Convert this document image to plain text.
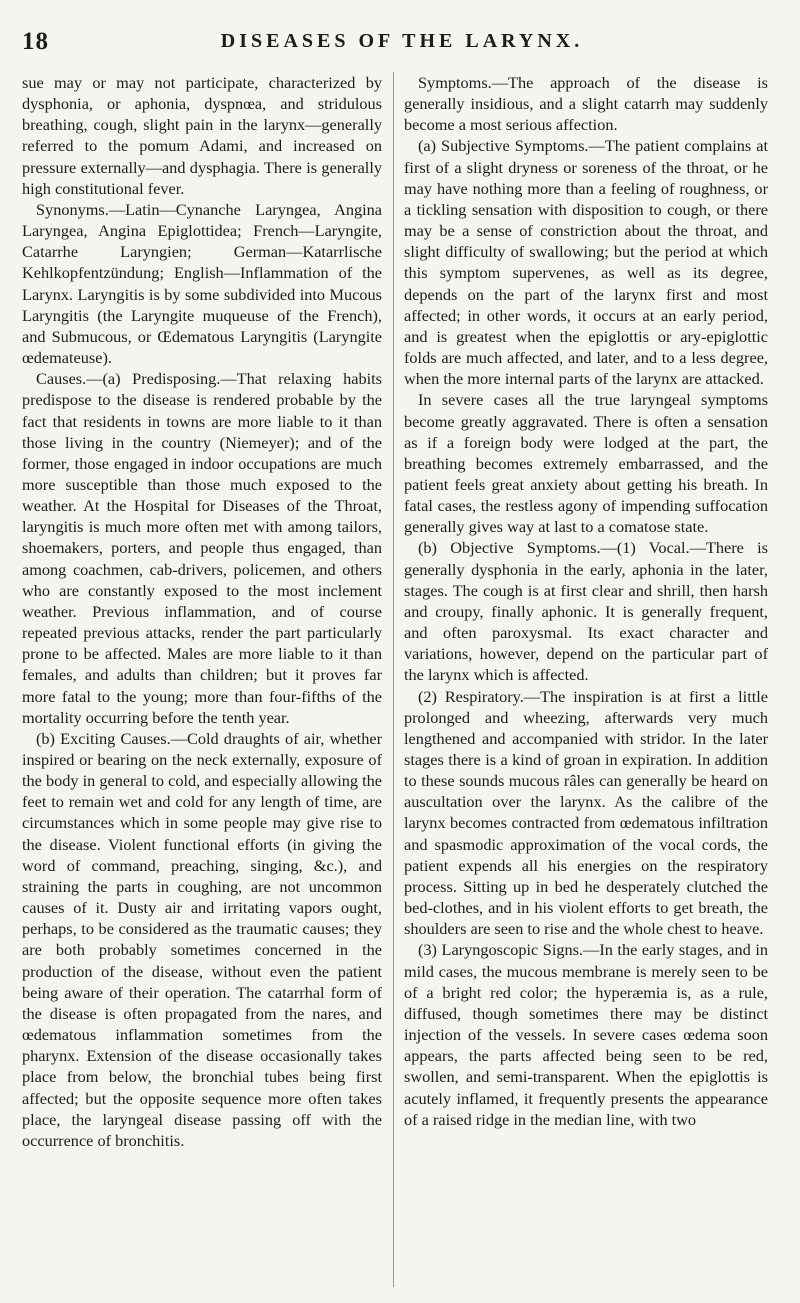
18	DISEASES OF THE LARYNX.

sue may or may not participate, characterized by dysphonia, or aphonia, dyspnœa, and stridulous breathing, cough, slight pain in the larynx—generally referred to the pomum Adami, and increased on pressure externally—and dysphagia. There is generally high constitutional fever.

Synonyms.—Latin—Cynanche Laryngea, Angina Laryngea, Angina Epiglottidea; French—Laryngite, Catarrhe Laryngien; German—Katarrlische Kehlkopfentzündung; English—Inflammation of the Larynx. Laryngitis is by some subdivided into Mucous Laryngitis (the Laryngite muqueuse of the French), and Submucous, or Œdematous Laryngitis (Laryngite œdemateuse).

Causes.—(a) Predisposing.—That relaxing habits predispose to the disease is rendered probable by the fact that residents in towns are more liable to it than those living in the country (Niemeyer); and of the former, those engaged in indoor occupations are much more susceptible than those much exposed to the weather. At the Hospital for Diseases of the Throat, laryngitis is much more often met with among tailors, shoemakers, porters, and people thus engaged, than among coachmen, cab-drivers, policemen, and others who are constantly exposed to the most inclement weather. Previous inflammation, and of course repeated previous attacks, render the part particularly prone to be affected. Males are more liable to it than females, and adults than children; but it proves far more fatal to the young; more than four-fifths of the mortality occurring before the tenth year.

(b) Exciting Causes.—Cold draughts of air, whether inspired or bearing on the neck externally, exposure of the body in general to cold, and especially allowing the feet to remain wet and cold for any length of time, are circumstances which in some people may give rise to the disease. Violent functional efforts (in giving the word of command, preaching, singing, &c.), and straining the parts in coughing, are not uncommon causes of it. Dusty air and irritating vapors ought, perhaps, to be considered as the traumatic causes; they are both probably sometimes concerned in the production of the disease, without even the patient being aware of their operation. The catarrhal form of the disease is often propagated from the nares, and œdematous inflammation sometimes from the pharynx. Extension of the disease occasionally takes place from below, the bronchial tubes being first affected; but the opposite sequence more often takes place, the laryngeal disease passing off with the occurrence of bronchitis.

Symptoms.—The approach of the disease is generally insidious, and a slight catarrh may suddenly become a most serious affection.

(a) Subjective Symptoms.—The patient complains at first of a slight dryness or soreness of the throat, or he may have nothing more than a feeling of roughness, or a tickling sensation with disposition to cough, or there may be a sense of constriction about the throat, and slight difficulty of swallowing; but the period at which this symptom supervenes, as well as its degree, depends on the part of the larynx first and most affected; in other words, it occurs at an early period, and is greatest when the epiglottis or ary-epiglottic folds are much affected, and later, and to a less degree, when the more internal parts of the larynx are attacked.

In severe cases all the true laryngeal symptoms become greatly aggravated. There is often a sensation as if a foreign body were lodged at the part, the breathing becomes extremely embarrassed, and the patient feels great anxiety about getting his breath. In fatal cases, the restless agony of impending suffocation generally gives way at last to a comatose state.

(b) Objective Symptoms.—(1) Vocal.—There is generally dysphonia in the early, aphonia in the later, stages. The cough is at first clear and shrill, then harsh and croupy, finally aphonic. It is generally frequent, and often paroxysmal. Its exact character and variations, however, depend on the particular part of the larynx which is affected.

(2) Respiratory.—The inspiration is at first a little prolonged and wheezing, afterwards very much lengthened and accompanied with stridor. In the later stages there is a kind of groan in expiration. In addition to these sounds mucous râles can generally be heard on auscultation over the larynx. As the calibre of the larynx becomes contracted from œdematous infiltration and spasmodic approximation of the vocal cords, the patient expends all his energies on the respiratory process. Sitting up in bed he desperately clutched the bed-clothes, and in his violent efforts to get breath, the shoulders are seen to rise and the whole chest to heave.

(3) Laryngoscopic Signs.—In the early stages, and in mild cases, the mucous membrane is merely seen to be of a bright red color; the hyperæmia is, as a rule, diffused, though sometimes there may be distinct injection of the vessels. In severe cases œdema soon appears, the parts affected being seen to be red, swollen, and semi-transparent. When the epiglottis is acutely inflamed, it frequently presents the appearance of a raised ridge in the median line, with two
